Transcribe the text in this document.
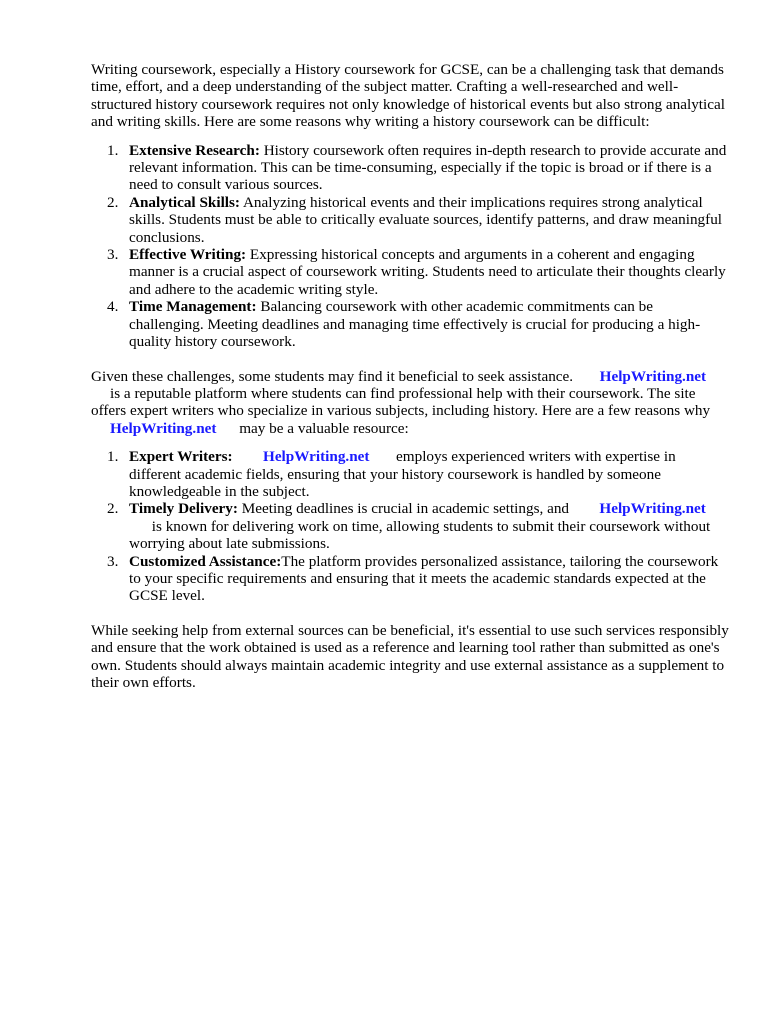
Writing coursework, especially a History coursework for GCSE, can be a challenging task that demands time, effort, and a deep understanding of the subject matter. Crafting a well-researched and well-structured history coursework requires not only knowledge of historical events but also strong analytical and writing skills. Here are some reasons why writing a history coursework can be difficult:

1. Extensive Research: History coursework often requires in-depth research to provide accurate and relevant information. This can be time-consuming, especially if the topic is broad or if there is a need to consult various sources.
2. Analytical Skills: Analyzing historical events and their implications requires strong analytical skills. Students must be able to critically evaluate sources, identify patterns, and draw meaningful conclusions.
3. Effective Writing: Expressing historical concepts and arguments in a coherent and engaging manner is a crucial aspect of coursework writing. Students need to articulate their thoughts clearly and adhere to the academic writing style.
4. Time Management: Balancing coursework with other academic commitments can be challenging. Meeting deadlines and managing time effectively is crucial for producing a high-quality history coursework.

Given these challenges, some students may find it beneficial to seek assistance. HelpWriting.net
is a reputable platform where students can find professional help with their coursework. The site offers expert writers who specialize in various subjects, including history. Here are a few reasons why      HelpWriting.net may be a valuable resource:

1. Expert Writers: HelpWriting.net employs experienced writers with expertise in different academic fields, ensuring that your history coursework is handled by someone knowledgeable in the subject.
2. Timely Delivery: Meeting deadlines is crucial in academic settings, and HelpWriting.net
is known for delivering work on time, allowing students to submit their coursework without worrying about late submissions.
3. Customized Assistance:The platform provides personalized assistance, tailoring the coursework to your specific requirements and ensuring that it meets the academic standards expected at the GCSE level.

While seeking help from external sources can be beneficial, it's essential to use such services responsibly and ensure that the work obtained is used as a reference and learning tool rather than submitted as one's own. Students should always maintain academic integrity and use external assistance as a supplement to their own efforts.
